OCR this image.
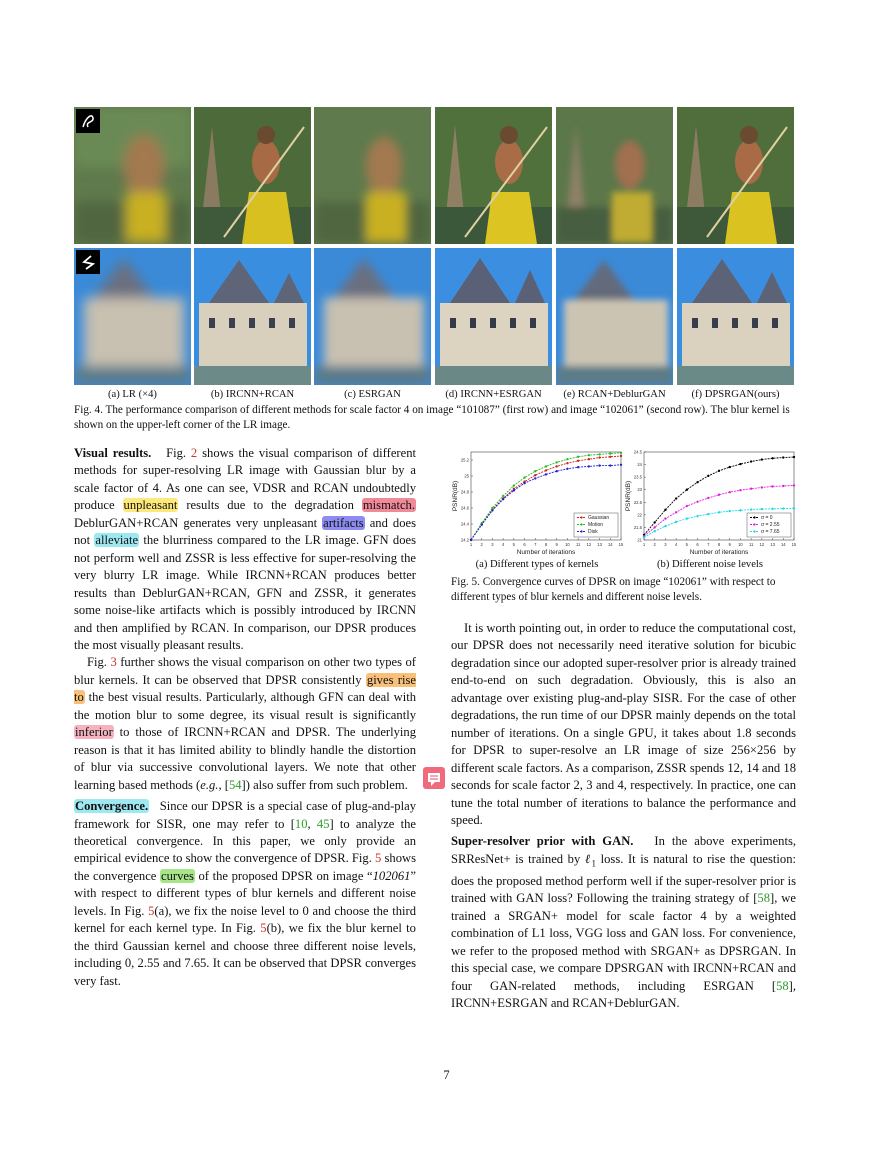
(a) LR (×4)	(b) IRCNN+RCAN	(c) ESRGAN	(d) IRCNN+ESRGAN	(e) RCAN+DeblurGAN	(f) DPSRGAN(ours)
Fig. 4. The performance comparison of different methods for scale factor 4 on image “101087” (first row) and image “102061” (second row). The blur kernel is shown on the upper-left corner of the LR image.

Visual results.   Fig. 2 shows the visual comparison of different methods for super-resolving LR image with Gaussian blur by a scale factor of 4. As one can see, VDSR and RCAN undoubtedly produce unpleasant results due to the degradation mismatch. DeblurGAN+RCAN generates very unpleasant artifacts and does not alleviate the blurriness compared to the LR image. GFN does not perform well and ZSSR is less effective for super-resolving the very blurry LR image. While IRCNN+RCAN produces better results than DeblurGAN+RCAN, GFN and ZSSR, it generates some noise-like artifacts which is possibly introduced by IRCNN and then amplified by RCAN. In comparison, our DPSR produces the most visually pleasant results.

Fig. 3 further shows the visual comparison on other two types of blur kernels. It can be observed that DPSR consistently gives rise to the best visual results. Particularly, although GFN can deal with the motion blur to some degree, its visual result is significantly inferior to those of IRCNN+RCAN and DPSR. The underlying reason is that it has limited ability to blindly handle the distortion of blur via successive convolutional layers. We note that other learning based methods (e.g., [54]) also suffer from such problem.

Convergence.   Since our DPSR is a special case of plug-and-play framework for SISR, one may refer to [10, 45] to analyze the theoretical convergence. In this paper, we only provide an empirical evidence to show the convergence of DPSR. Fig. 5 shows the convergence curves of the proposed DPSR on image “102061” with respect to different types of blur kernels and different noise levels. In Fig. 5(a), we fix the noise level to 0 and choose the third kernel for each kernel type. In Fig. 5(b), we fix the blur kernel to the third Gaussian kernel and choose three different noise levels, including 0, 2.55 and 7.65. It can be observed that DPSR converges very fast.

24.2
24.4
24.6
24.8
25
25.2
1 2 3 4 5 6 7 8 9 10 11 12 13 14 15
Number of iterations
PSNR(dB)
Gaussian
Motion
Disk
21
21.5
22
22.5
23
23.5
24
24.5
1 2 3 4 5 6 7 8 9 10 11 12 13 14 15
Number of iterations
PSNR(dB)
σ = 0
σ = 2.55
σ = 7.65
(a) Different types of kernels	(b) Different noise levels
Fig. 5. Convergence curves of DPSR on image “102061” with respect to different types of blur kernels and different noise levels.

It is worth pointing out, in order to reduce the computational cost, our DPSR does not necessarily need iterative solution for bicubic degradation since our adopted super-resolver prior is already trained end-to-end on such degradation. Obviously, this is also an advantage over existing plug-and-play SISR. For the case of other degradations, the run time of our DPSR mainly depends on the total number of iterations. On a single GPU, it takes about 1.8 seconds for DPSR to super-resolve an LR image of size 256×256 by different scale factors. As a comparison, ZSSR spends 12, 14 and 18 seconds for scale factor 2, 3 and 4, respectively. In practice, one can tune the total number of iterations to balance the performance and speed.

Super-resolver prior with GAN.   In the above experiments, SRResNet+ is trained by ℓ$_1$ loss. It is natural to rise the question: does the proposed method perform well if the super-resolver prior is trained with GAN loss? Following the training strategy of [58], we trained a SRGAN+ model for scale factor 4 by a weighted combination of L1 loss, VGG loss and GAN loss. For convenience, we refer to the proposed method with SRGAN+ as DPSRGAN. In this special case, we compare DPSRGAN with IRCNN+RCAN and four GAN-related methods, including ESRGAN [58], IRCNN+ESRGAN and RCAN+DeblurGAN.

7
